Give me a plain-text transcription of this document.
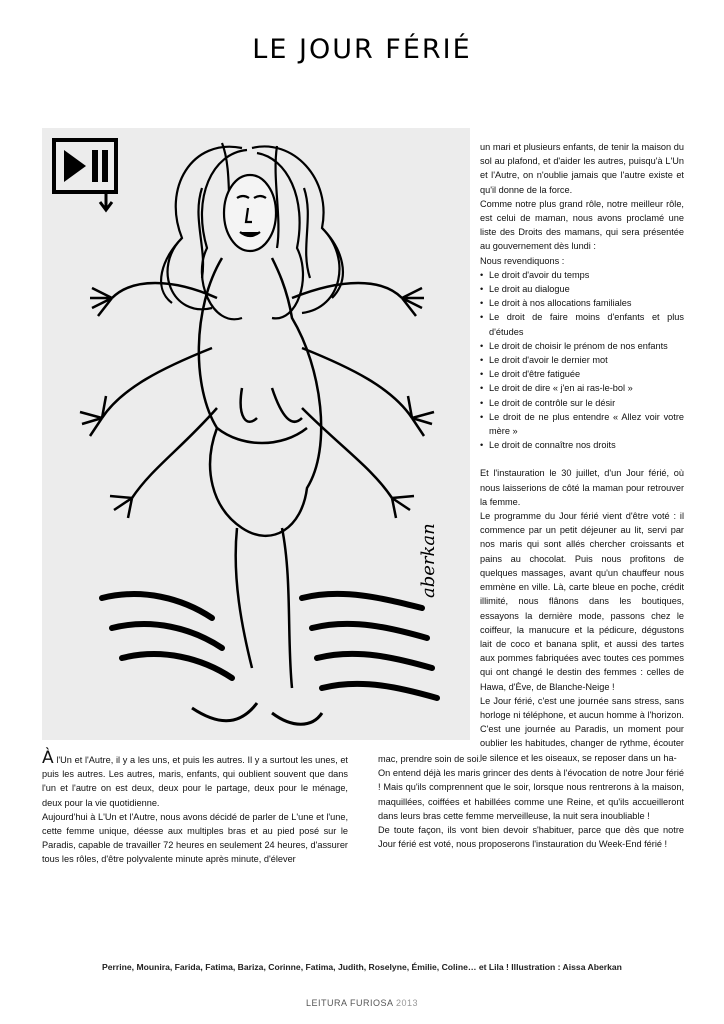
LE JOUR FÉRIÉ
aberkan

un mari et plusieurs enfants, de tenir la maison du sol au plafond, et d'aider les autres, puisqu'à L'Un et l'Autre, on n'oublie jamais que l'autre existe et qu'il donne de la force.

Comme notre plus grand rôle, notre meilleur rôle, est celui de maman, nous avons proclamé une liste des Droits des mamans, qui sera présentée au gouvernement dès lundi :

Nous revendiquons :

• Le droit d'avoir du temps
• Le droit au dialogue
• Le droit à nos allocations familiales
• Le droit de faire moins d'enfants et plus d'études
• Le droit de choisir le prénom de nos enfants
• Le droit d'avoir le dernier mot
• Le droit d'être fatiguée
• Le droit de dire « j'en ai ras-le-bol »
• Le droit de contrôle sur le désir
• Le droit de ne plus entendre « Allez voir votre mère »
• Le droit de connaître nos droits

Et l'instauration le 30 juillet, d'un Jour férié, où nous laisserions de côté la maman pour retrouver la femme.

Le programme du Jour férié vient d'être voté : il commence par un petit déjeuner au lit, servi par nos maris qui sont allés chercher croissants et pains au chocolat. Puis nous profitons de quelques massages, avant qu'un chauffeur nous emmène en ville. Là, carte bleue en poche, crédit illimité, nous flânons dans les boutiques, essayons la dernière mode, passons chez le coiffeur, la manucure et la pédicure, dégustons lait de coco et banana split, et aussi des tartes aux pommes fabriquées avec toutes ces pommes qui ont changé le destin des femmes : celles de Hawa, d'Ève, de Blanche-Neige !

Le Jour férié, c'est une journée sans stress, sans horloge ni téléphone, et aucun homme à l'horizon. C'est une journée au Paradis, un moment pour oublier les habitudes, changer de rythme, écouter le silence et les oiseaux, se reposer dans un ha-

À l'Un et l'Autre, il y a les uns, et puis les autres. Il y a surtout les unes, et puis les autres. Les autres, maris, enfants, qui oublient souvent que dans l'un et l'autre on est deux, deux pour le partage, deux pour le ménage, deux pour la vie quotidienne.

Aujourd'hui à L'Un et l'Autre, nous avons décidé de parler de L'une et l'une, cette femme unique, déesse aux multiples bras et au pied posé sur le Paradis, capable de travailler 72 heures en seulement 24 heures, d'assurer tous les rôles, d'être polyvalente minute après minute, d'élever

mac, prendre soin de soi.

On entend déjà les maris grincer des dents à l'évocation de notre Jour férié ! Mais qu'ils comprennent que le soir, lorsque nous rentrerons à la maison, maquillées, coiffées et habillées comme une Reine, et qu'ils accueilleront dans leurs bras cette femme merveilleuse, la nuit sera inoubliable !

De toute façon, ils vont bien devoir s'habituer, parce que dès que notre Jour férié est voté, nous proposerons l'instauration du Week-End férié !

Perrine, Mounira, Farida, Fatima, Bariza, Corinne, Fatima, Judith, Roselyne, Émilie, Coline… et Lila ! Illustration : Aissa Aberkan
LEITURA FURIOSA 2013
